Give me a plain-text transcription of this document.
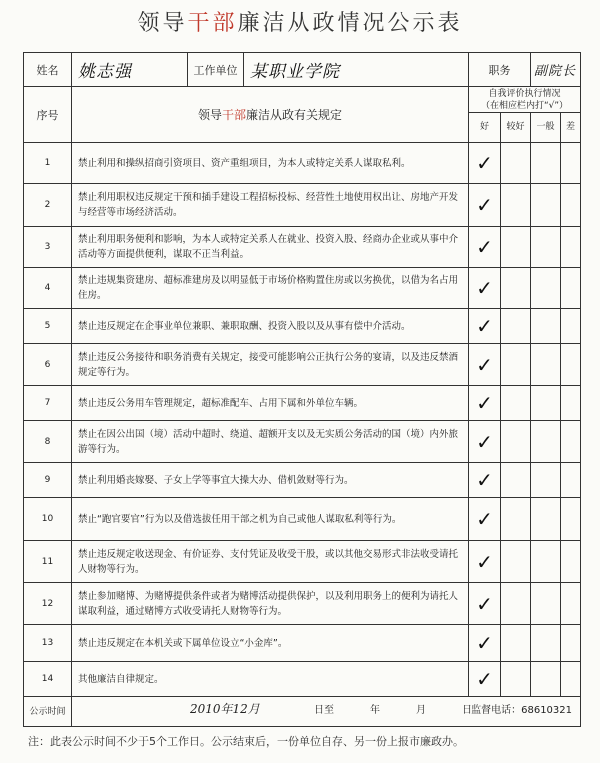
领导干部廉洁从政情况公示表
姓名	姚志强	工作单位	某职业学院	职务		副院长	
序号	领导干部廉洁从政有关规定			自我评价执行情况
（在相应栏内打“√”）			

				好	较好	一般	差
1	禁止利用和操纵招商引资项目、资产重组项目，为本人或特定关系人谋取私利。			✓			
2	禁止利用职权违反规定干预和插手建设工程招标投标、经营性土地使用权出让、房地产开发与经营等市场经济活动。			✓			
3	禁止利用职务便利和影响，为本人或特定关系人在就业、投资入股、经商办企业或从事中介活动等方面提供便利，谋取不正当利益。			✓			
4	禁止违规集资建房、超标准建房及以明显低于市场价格购置住房或以劣换优，以借为名占用住房。			✓			
5	禁止违反规定在企事业单位兼职、兼职取酬、投资入股以及从事有偿中介活动。			✓			
6	禁止违反公务接待和职务消费有关规定，接受可能影响公正执行公务的宴请，以及违反禁酒规定等行为。			✓			
7	禁止违反公务用车管理规定，超标准配车、占用下属和外单位车辆。			✓			
8	禁止在因公出国（境）活动中超时、绕道、超额开支以及无实质公务活动的国（境）内外旅游等行为。			✓			
9	禁止利用婚丧嫁娶、子女上学等事宜大操大办、借机敛财等行为。			✓			
10	禁止“跑官要官”行为以及借选拔任用干部之机为自己或他人谋取私利等行为。			✓			
11	禁止违反规定收送现金、有价证券、支付凭证及收受干股，或以其他交易形式非法收受请托人财物等行为。			✓			
12	禁止参加赌博、为赌博提供条件或者为赌博活动提供保护，以及利用职务上的便利为请托人谋取利益，通过赌博方式收受请托人财物等行为。			✓			
13	禁止违反规定在本机关或下属单位设立“小金库”。			✓			
14	其他廉洁自律规定。			✓			
公示时间	2010年12月 日至 年 月 日 监督电话：68610321						
注：此表公示时间不少于5个工作日。公示结束后，一份单位自存、另一份上报市廉政办。
